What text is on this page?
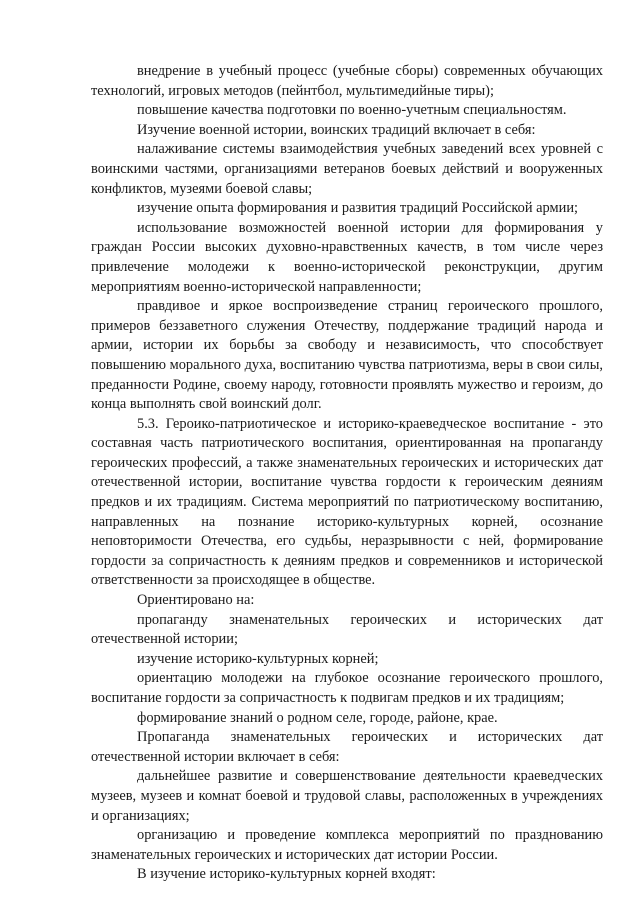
внедрение в учебный процесс (учебные сборы) современных обучающих технологий, игровых методов (пейнтбол, мультимедийные тиры);

повышение качества подготовки по военно-учетным специальностям.

Изучение военной истории, воинских традиций включает в себя:

налаживание системы взаимодействия учебных заведений всех уровней с воинскими частями, организациями ветеранов боевых действий и вооруженных конфликтов, музеями боевой славы;

изучение опыта формирования и развития традиций Российской армии;

использование возможностей военной истории для формирования у граждан России высоких духовно-нравственных качеств, в том числе через привлечение молодежи к военно-исторической реконструкции, другим мероприятиям военно-исторической направленности;

правдивое и яркое воспроизведение страниц героического прошлого, примеров беззаветного служения Отечеству, поддержание традиций народа и армии, истории их борьбы за свободу и независимость, что способствует повышению морального духа, воспитанию чувства патриотизма, веры в свои силы, преданности Родине, своему народу, готовности проявлять мужество и героизм, до конца выполнять свой воинский долг.

5.3. Героико-патриотическое и историко-краеведческое воспитание - это составная часть патриотического воспитания, ориентированная на пропаганду героических профессий, а также знаменательных героических и исторических дат отечественной истории, воспитание чувства гордости к героическим деяниям предков и их традициям. Система мероприятий по патриотическому воспитанию, направленных на познание историко-культурных корней, осознание неповторимости Отечества, его судьбы, неразрывности с ней, формирование гордости за сопричастность к деяниям предков и современников и исторической ответственности за происходящее в обществе.

Ориентировано на:

пропаганду знаменательных героических и исторических дат отечественной истории;

изучение историко-культурных корней;

ориентацию молодежи на глубокое осознание героического прошлого, воспитание гордости за сопричастность к подвигам предков и их традициям;

формирование знаний о родном селе, городе, районе, крае.

Пропаганда знаменательных героических и исторических дат отечественной истории включает в себя:

дальнейшее развитие и совершенствование деятельности краеведческих музеев, музеев и комнат боевой и трудовой славы, расположенных в учреждениях и организациях;

организацию и проведение комплекса мероприятий по празднованию знаменательных героических и исторических дат истории России.

В изучение историко-культурных корней входят:
